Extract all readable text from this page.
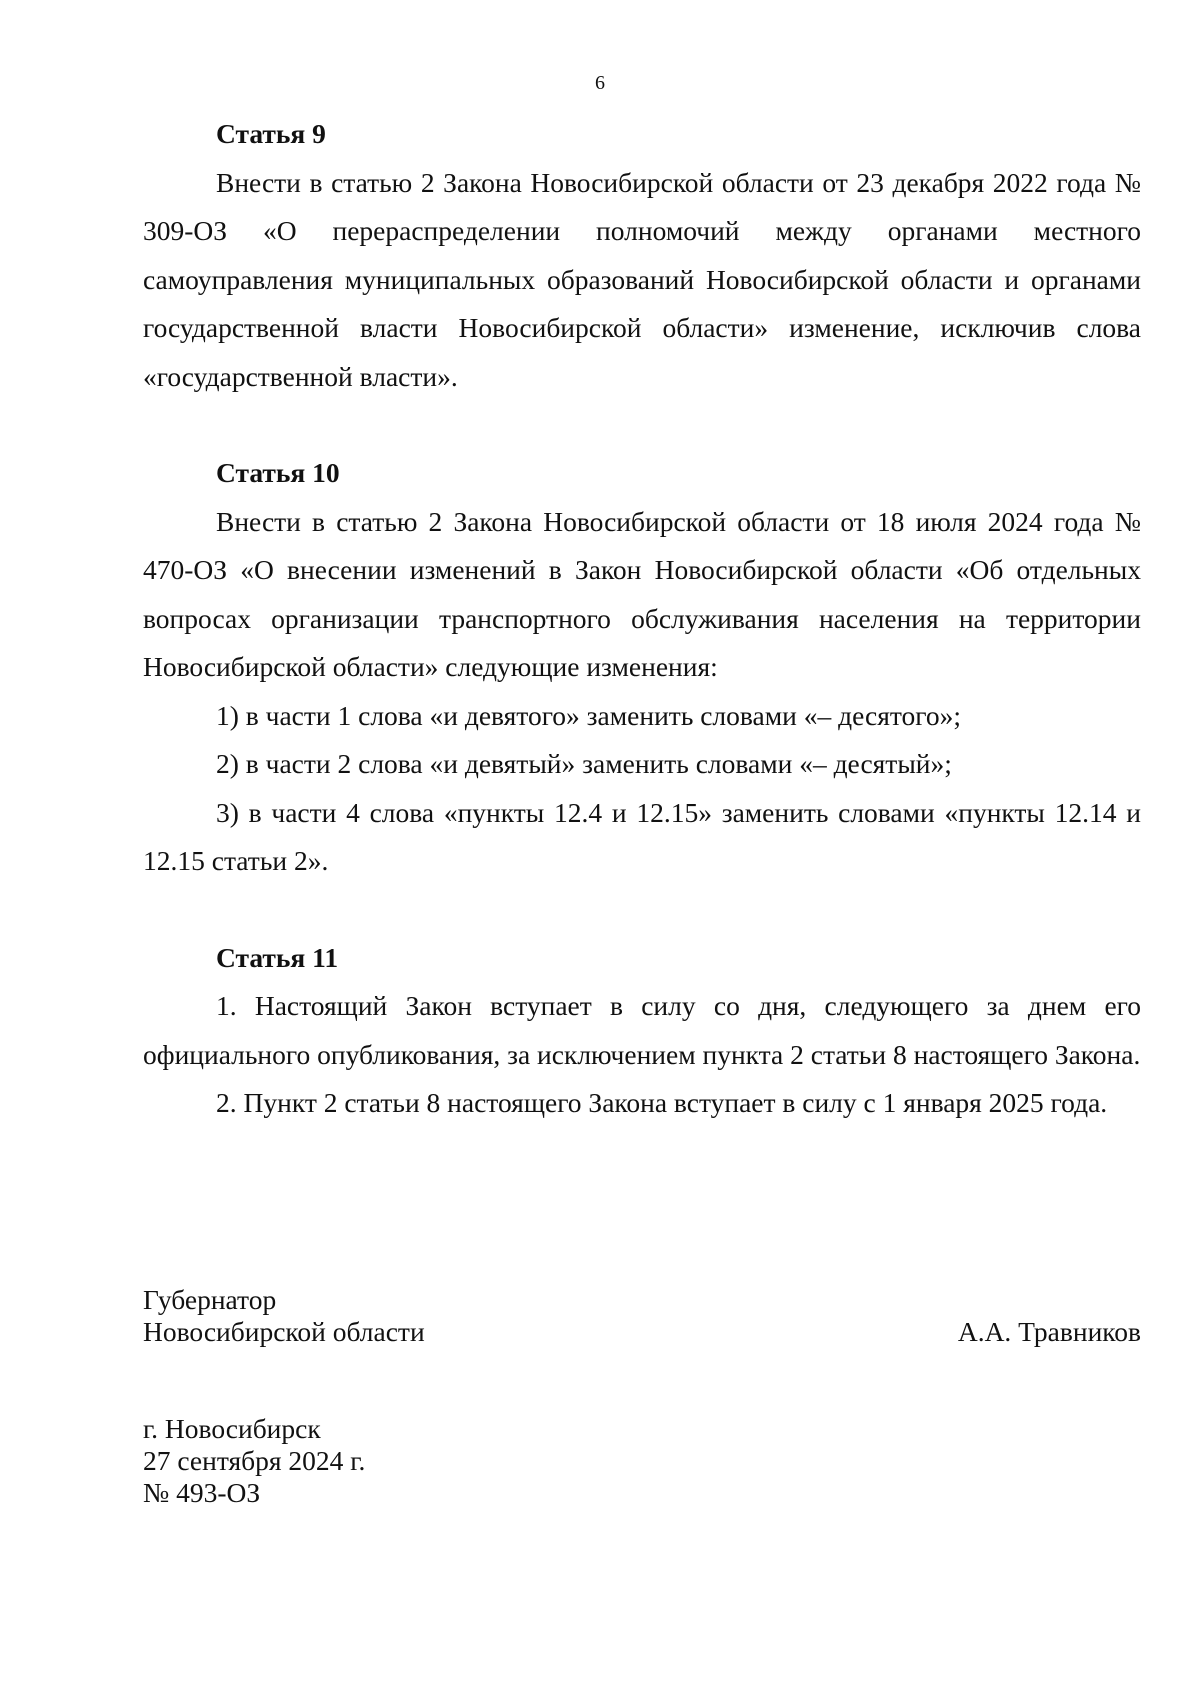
6

Статья 9

Внести в статью 2 Закона Новосибирской области от 23 декабря 2022 года № 309-ОЗ «О перераспределении полномочий между органами местного самоуправления муниципальных образований Новосибирской области и органами государственной власти Новосибирской области» изменение, исключив слова «государственной власти».

Статья 10

Внести в статью 2 Закона Новосибирской области от 18 июля 2024 года № 470-ОЗ «О внесении изменений в Закон Новосибирской области «Об отдельных вопросах организации транспортного обслуживания населения на территории Новосибирской области» следующие изменения:

1) в части 1 слова «и девятого» заменить словами «– десятого»;

2) в части 2 слова «и девятый» заменить словами «– десятый»;

3) в части 4 слова «пункты 12.4 и 12.15» заменить словами «пункты 12.14 и 12.15 статьи 2».

Статья 11

1. Настоящий Закон вступает в силу со дня, следующего за днем его официального опубликования, за исключением пункта 2 статьи 8 настоящего Закона.

2. Пункт 2 статьи 8 настоящего Закона вступает в силу с 1 января 2025 года.

Губернатор
Новосибирской области	А.А. Травников
г. Новосибирск
27 сентября 2024 г.
№ 493-ОЗ
